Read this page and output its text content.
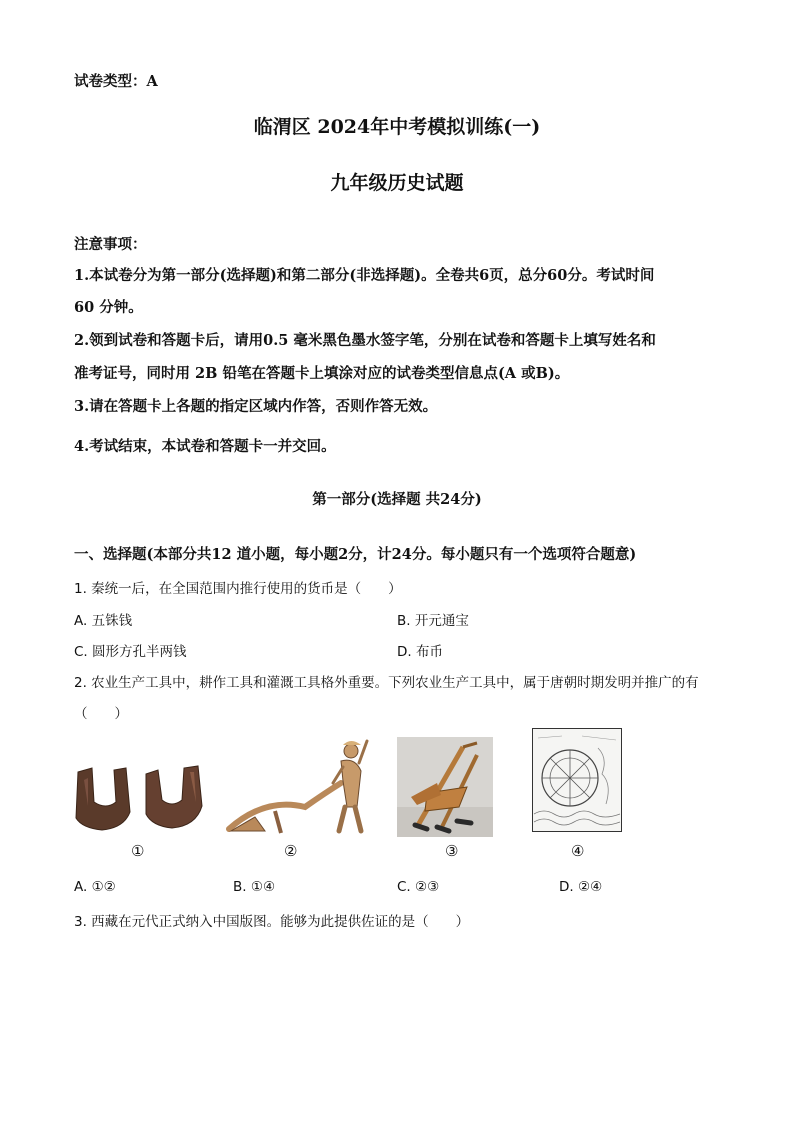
试卷类型：A
临渭区 2024年中考模拟训练(一)
九年级历史试题
注意事项：
1.本试卷分为第一部分(选择题)和第二部分(非选择题)。全卷共6页，总分60分。考试时间
60 分钟。
2.领到试卷和答题卡后，请用0.5 毫米黑色墨水签字笔，分别在试卷和答题卡上填写姓名和
准考证号，同时用 2B 铅笔在答题卡上填涂对应的试卷类型信息点(A 或B)。
3.请在答题卡上各题的指定区域内作答，否则作答无效。
4.考试结束，本试卷和答题卡一并交回。
第一部分(选择题 共24分)
一、选择题(本部分共12 道小题，每小题2分，计24分。每小题只有一个选项符合题意)
1. 秦统一后，在全国范围内推行使用的货币是（　　）
A. 五铢钱	B. 开元通宝
C. 圆形方孔半两钱	D. 布币
2. 农业生产工具中，耕作工具和灌溉工具格外重要。下列农业生产工具中，属于唐朝时期发明并推广的有
（　　）
①	②	③	④
A. ①②	B. ①④	C. ②③	D. ②④
3. 西藏在元代正式纳入中国版图。能够为此提供佐证的是（　　）
